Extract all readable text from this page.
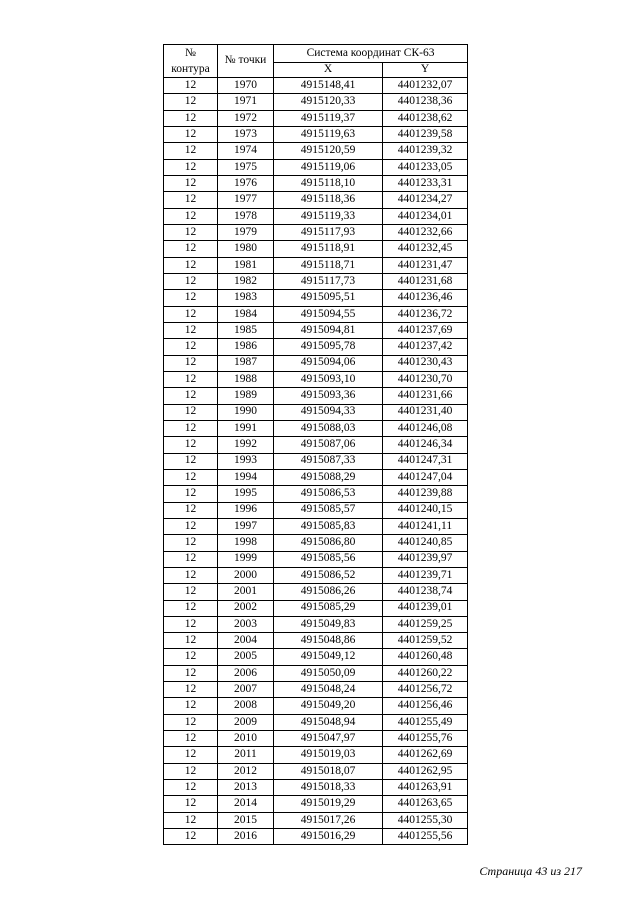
№
контура	№ точки	Система координат СК-63	
		X	Y
12	1970	4915148,41	4401232,07
12	1971	4915120,33	4401238,36
12	1972	4915119,37	4401238,62
12	1973	4915119,63	4401239,58
12	1974	4915120,59	4401239,32
12	1975	4915119,06	4401233,05
12	1976	4915118,10	4401233,31
12	1977	4915118,36	4401234,27
12	1978	4915119,33	4401234,01
12	1979	4915117,93	4401232,66
12	1980	4915118,91	4401232,45
12	1981	4915118,71	4401231,47
12	1982	4915117,73	4401231,68
12	1983	4915095,51	4401236,46
12	1984	4915094,55	4401236,72
12	1985	4915094,81	4401237,69
12	1986	4915095,78	4401237,42
12	1987	4915094,06	4401230,43
12	1988	4915093,10	4401230,70
12	1989	4915093,36	4401231,66
12	1990	4915094,33	4401231,40
12	1991	4915088,03	4401246,08
12	1992	4915087,06	4401246,34
12	1993	4915087,33	4401247,31
12	1994	4915088,29	4401247,04
12	1995	4915086,53	4401239,88
12	1996	4915085,57	4401240,15
12	1997	4915085,83	4401241,11
12	1998	4915086,80	4401240,85
12	1999	4915085,56	4401239,97
12	2000	4915086,52	4401239,71
12	2001	4915086,26	4401238,74
12	2002	4915085,29	4401239,01
12	2003	4915049,83	4401259,25
12	2004	4915048,86	4401259,52
12	2005	4915049,12	4401260,48
12	2006	4915050,09	4401260,22
12	2007	4915048,24	4401256,72
12	2008	4915049,20	4401256,46
12	2009	4915048,94	4401255,49
12	2010	4915047,97	4401255,76
12	2011	4915019,03	4401262,69
12	2012	4915018,07	4401262,95
12	2013	4915018,33	4401263,91
12	2014	4915019,29	4401263,65
12	2015	4915017,26	4401255,30
12	2016	4915016,29	4401255,56
Страница 43 из 217
